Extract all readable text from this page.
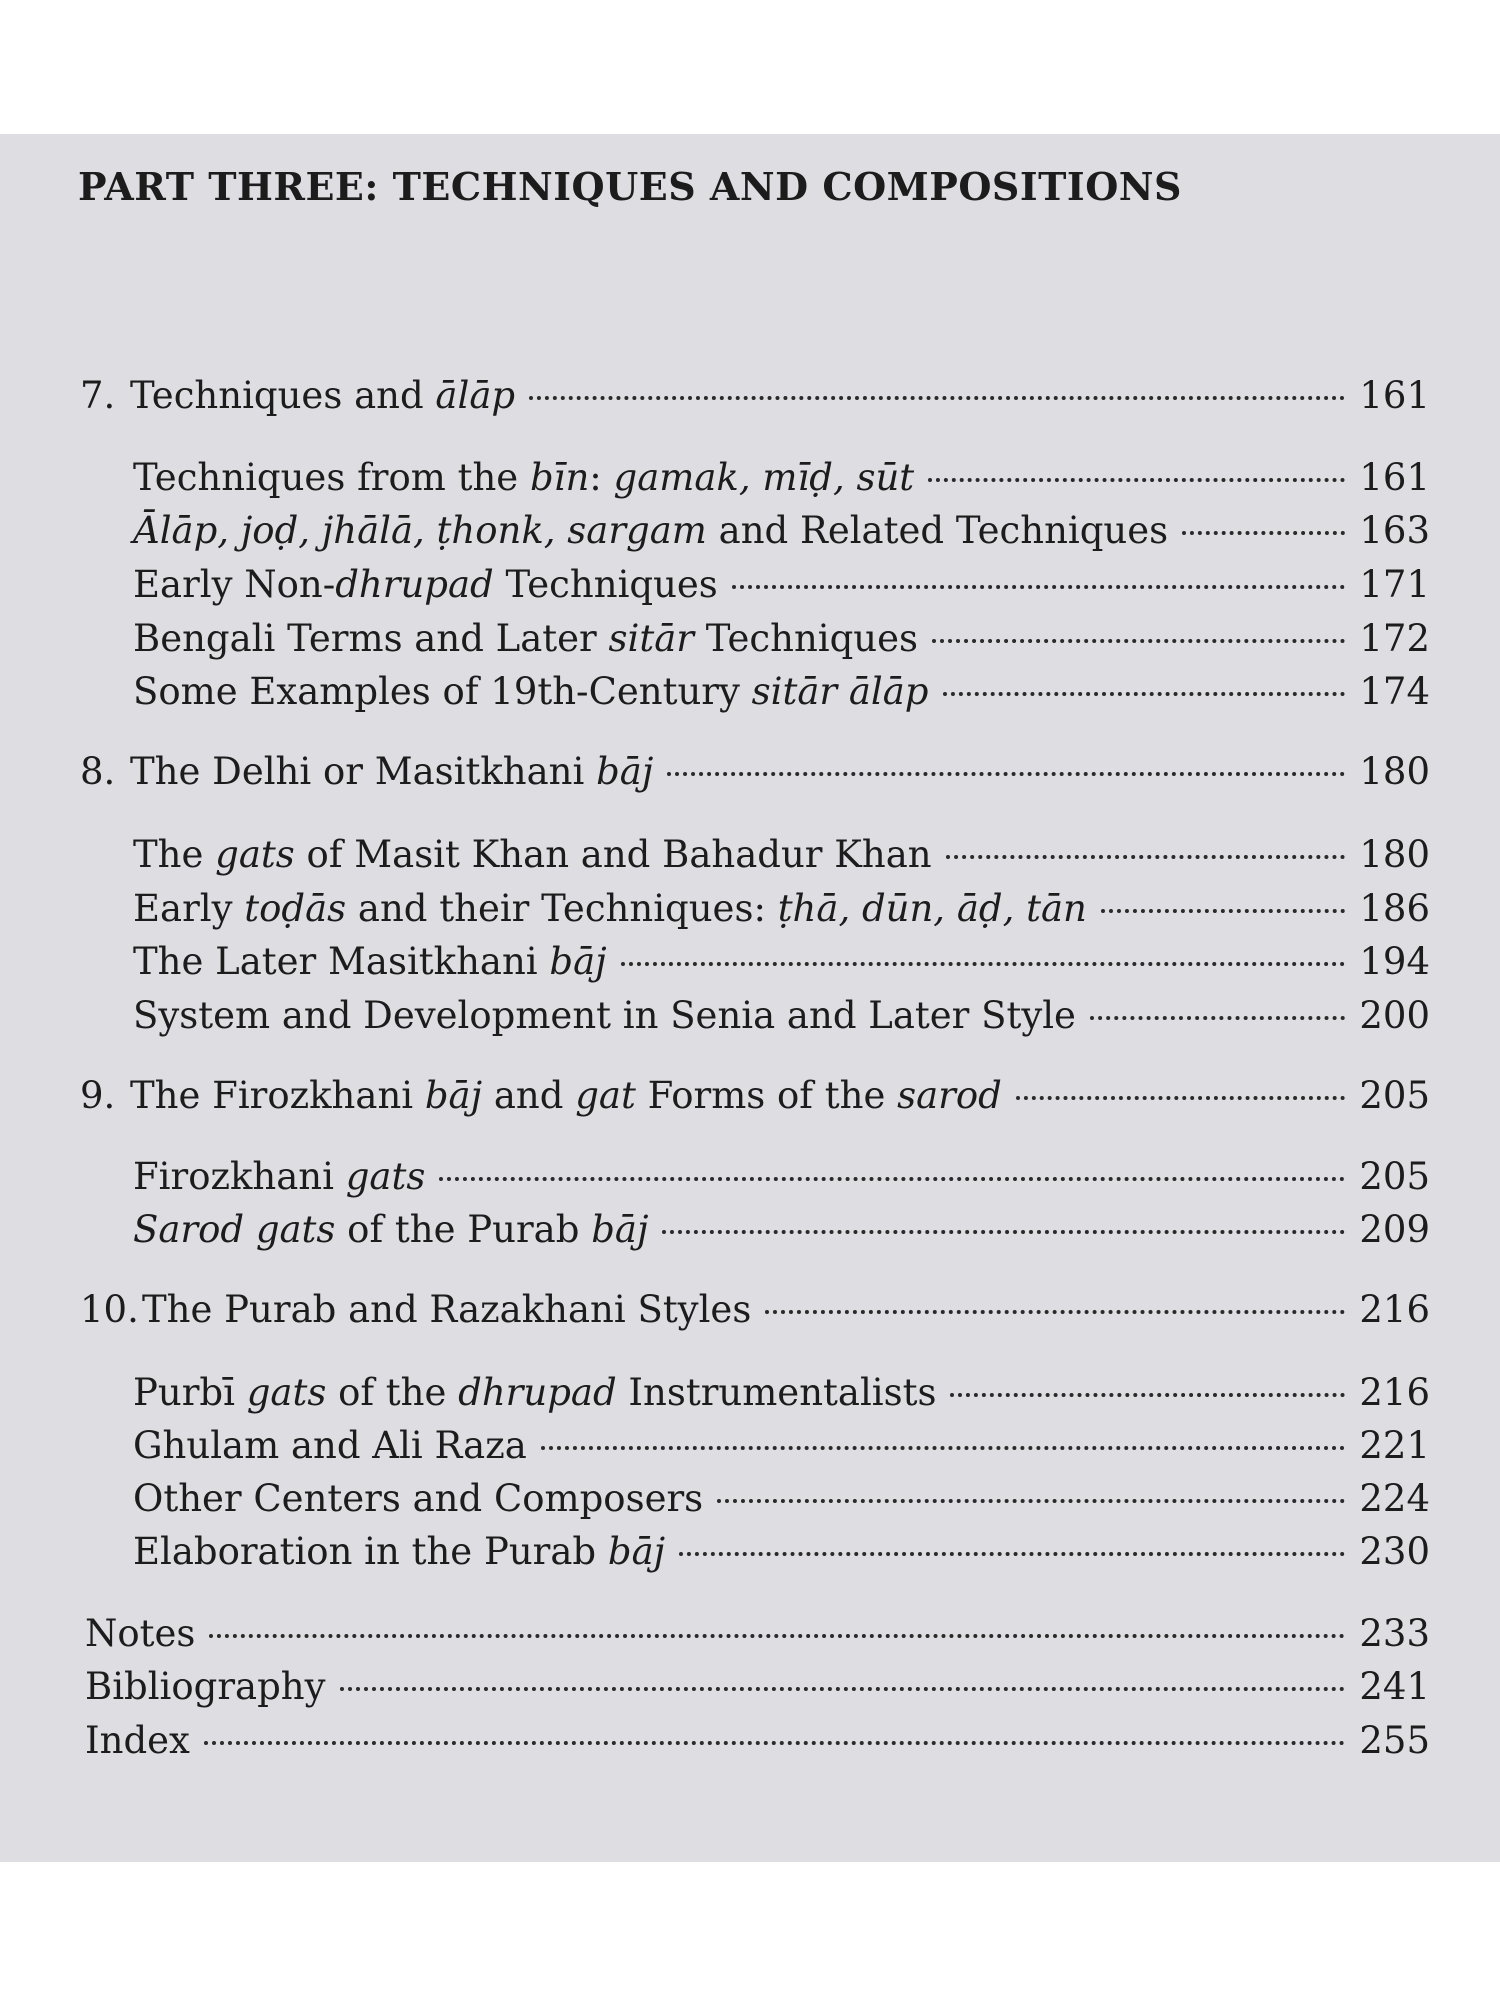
PART THREE: TECHNIQUES AND COMPOSITIONS
7. Techniques and ālāp	161
Techniques from the bīn: gamak, mīḍ, sūt	161
Ālāp, joḍ, jhālā, ṭhonk, sargam and Related Techniques	163
Early Non-dhrupad Techniques	171
Bengali Terms and Later sitār Techniques	172
Some Examples of 19th-Century sitār ālāp	174
8. The Delhi or Masitkhani bāj	180
The gats of Masit Khan and Bahadur Khan	180
Early toḍās and their Techniques: ṭhā, dūn, āḍ, tān	186
The Later Masitkhani bāj	194
System and Development in Senia and Later Style	200
9. The Firozkhani bāj and gat Forms of the sarod	205
Firozkhani gats	205
Sarod gats of the Purab bāj	209
10.The Purab and Razakhani Styles	216
Purbī gats of the dhrupad Instrumentalists	216
Ghulam and Ali Raza	221
Other Centers and Composers	224
Elaboration in the Purab bāj	230
Notes	233
Bibliography	241
Index	255
